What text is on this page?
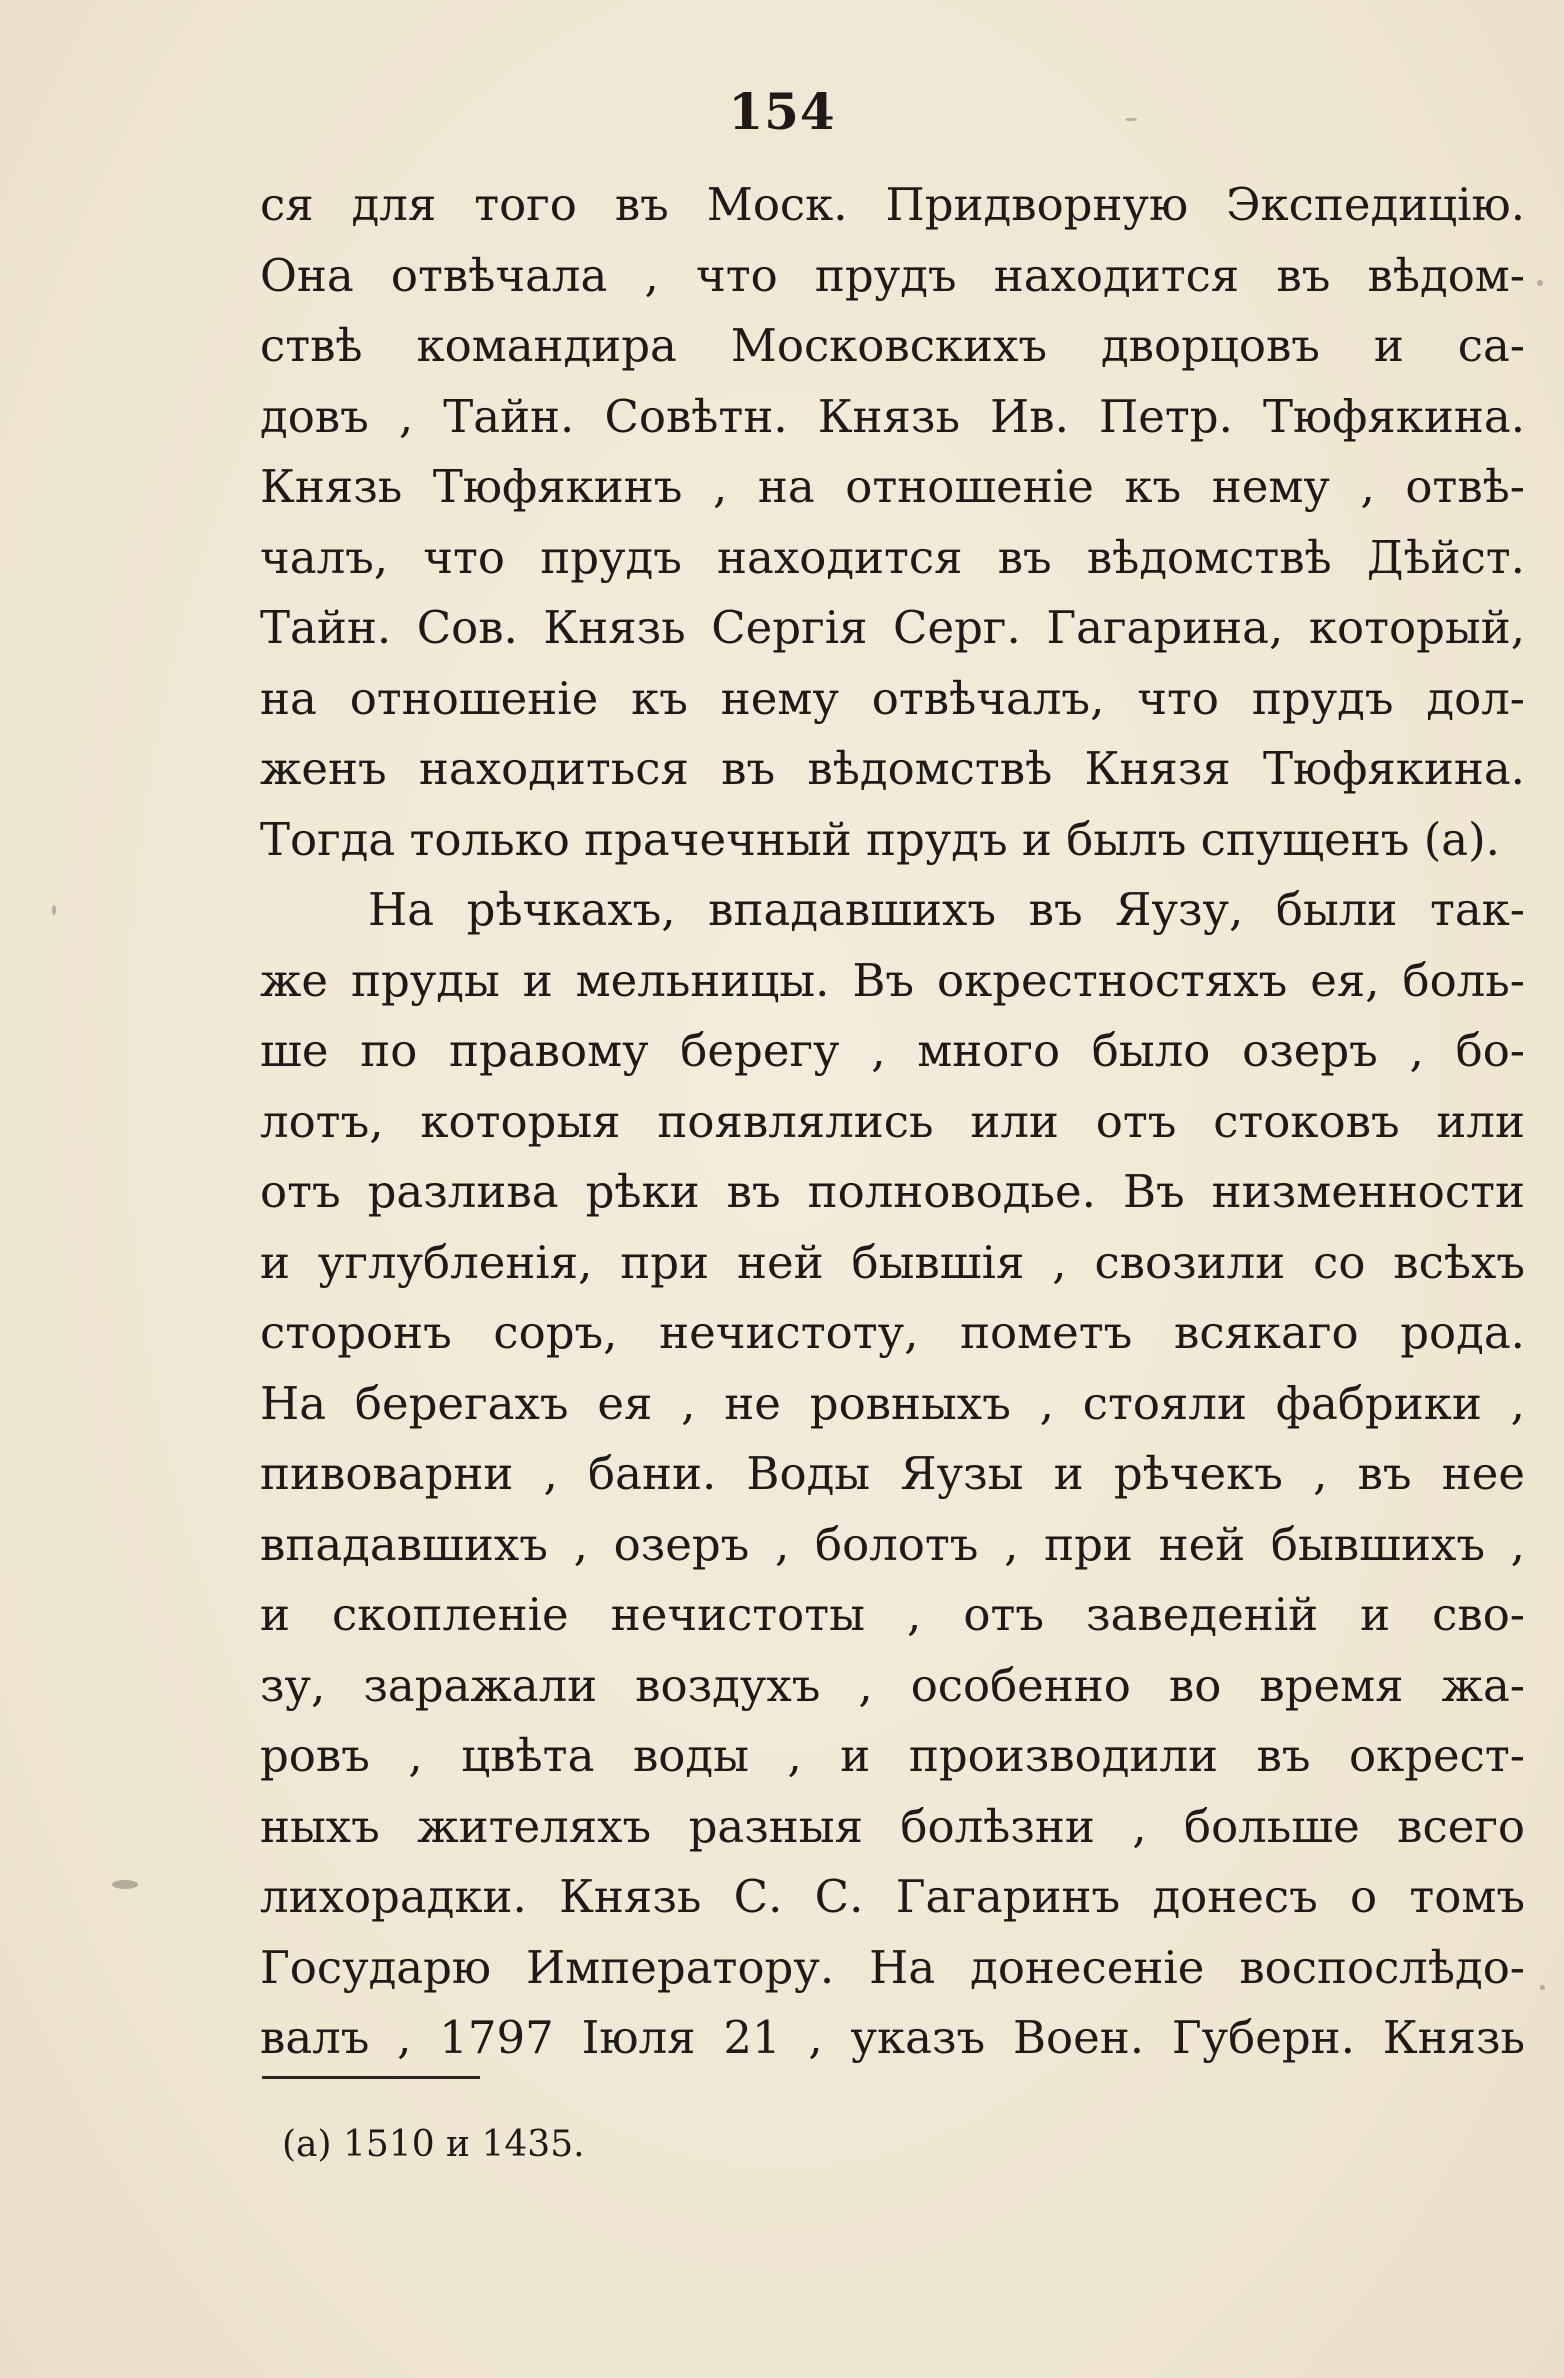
154
ся для того въ Моск. Придворную Экспедицію.
Она отвѣчала , что прудъ находится въ вѣдом-
ствѣ командира Московскихъ дворцовъ и са-
довъ , Тайн. Совѣтн. Князь Ив. Петр. Тюфякина.
Князь Тюфякинъ , на отношеніе къ нему , отвѣ-
чалъ, что прудъ находится въ вѣдомствѣ Дѣйст.
Тайн. Сов. Князь Сергія Серг. Гагарина, который,
на отношеніе къ нему отвѣчалъ, что прудъ дол-
женъ находиться въ вѣдомствѣ Князя Тюфякина.
Тогда только прачечный прудъ и былъ спущенъ (а).
На рѣчкахъ, впадавшихъ въ Яузу, были так-
же пруды и мельницы. Въ окрестностяхъ ея, боль-
ше по правому берегу , много было озеръ , бо-
лотъ, которыя появлялись или отъ стоковъ или
отъ разлива рѣки въ полноводье. Въ низменности
и углубленія, при ней бывшія , свозили со всѣхъ
сторонъ соръ, нечистоту, пометъ всякаго рода.
На берегахъ ея , не ровныхъ , стояли фабрики ,
пивоварни , бани. Воды Яузы и рѣчекъ , въ нее
впадавшихъ , озеръ , болотъ , при ней бывшихъ ,
и скопленіе нечистоты , отъ заведеній и сво-
зу, заражали воздухъ , особенно во время жа-
ровъ , цвѣта воды , и производили въ окрест-
ныхъ жителяхъ разныя болѣзни , больше всего
лихорадки. Князь С. С. Гагаринъ донесъ о томъ
Государю Императору. На донесеніе воспослѣдо-
валъ , 1797 Іюля 21 , указъ Воен. Губерн. Князь
(а) 1510 и 1435.
